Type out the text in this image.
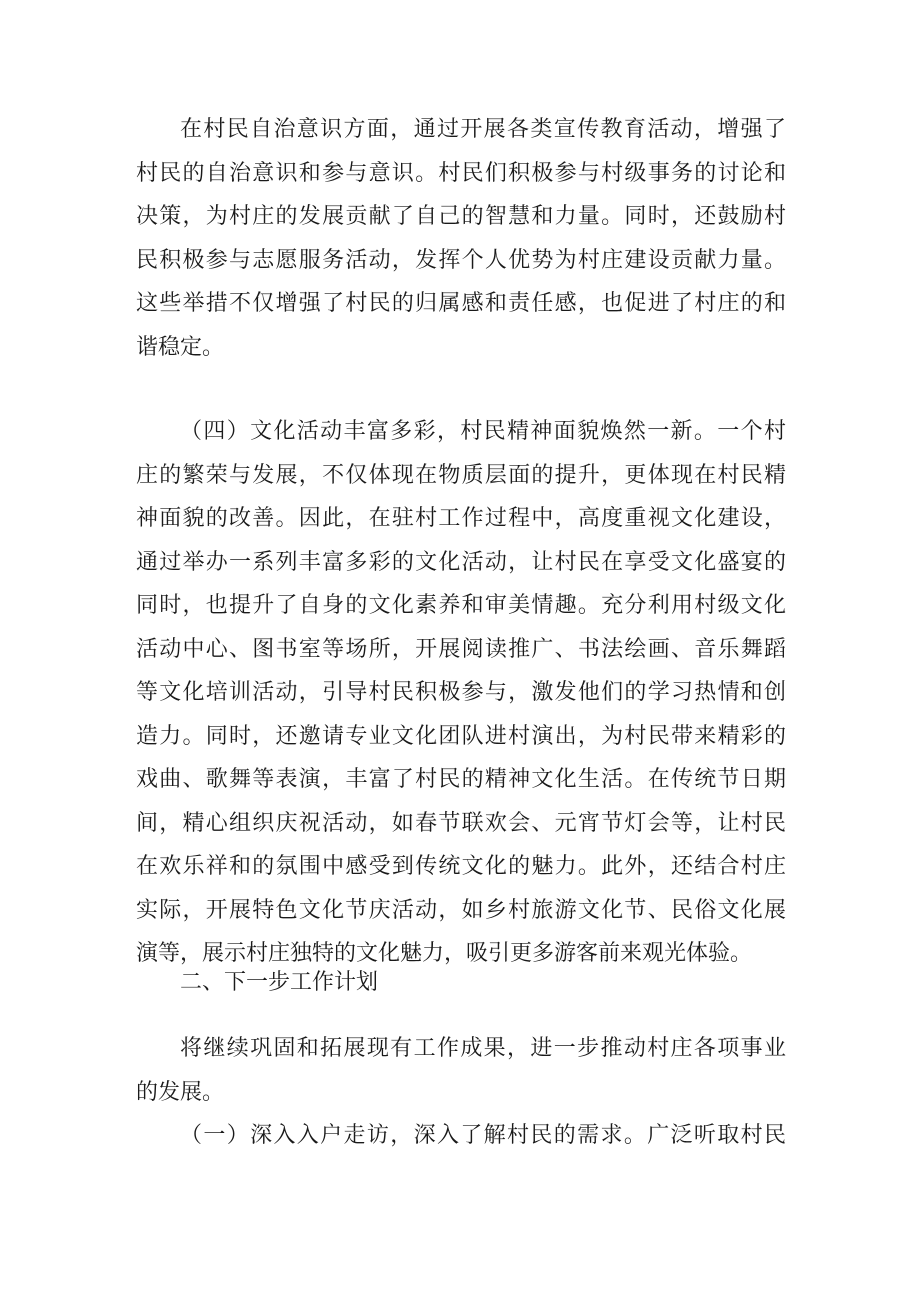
在村民自治意识方面，通过开展各类宣传教育活动，增强了
村民的自治意识和参与意识。村民们积极参与村级事务的讨论和
决策，为村庄的发展贡献了自己的智慧和力量。同时，还鼓励村
民积极参与志愿服务活动，发挥个人优势为村庄建设贡献力量。
这些举措不仅增强了村民的归属感和责任感，也促进了村庄的和
谐稳定。
（四）文化活动丰富多彩，村民精神面貌焕然一新。一个村
庄的繁荣与发展，不仅体现在物质层面的提升，更体现在村民精
神面貌的改善。因此，在驻村工作过程中，高度重视文化建设，
通过举办一系列丰富多彩的文化活动，让村民在享受文化盛宴的
同时，也提升了自身的文化素养和审美情趣。充分利用村级文化
活动中心、图书室等场所，开展阅读推广、书法绘画、音乐舞蹈
等文化培训活动，引导村民积极参与，激发他们的学习热情和创
造力。同时，还邀请专业文化团队进村演出，为村民带来精彩的
戏曲、歌舞等表演，丰富了村民的精神文化生活。在传统节日期
间，精心组织庆祝活动，如春节联欢会、元宵节灯会等，让村民
在欢乐祥和的氛围中感受到传统文化的魅力。此外，还结合村庄
实际，开展特色文化节庆活动，如乡村旅游文化节、民俗文化展
演等，展示村庄独特的文化魅力，吸引更多游客前来观光体验。
二、下一步工作计划
将继续巩固和拓展现有工作成果，进一步推动村庄各项事业
的发展。
（一）深入入户走访，深入了解村民的需求。广泛听取村民
